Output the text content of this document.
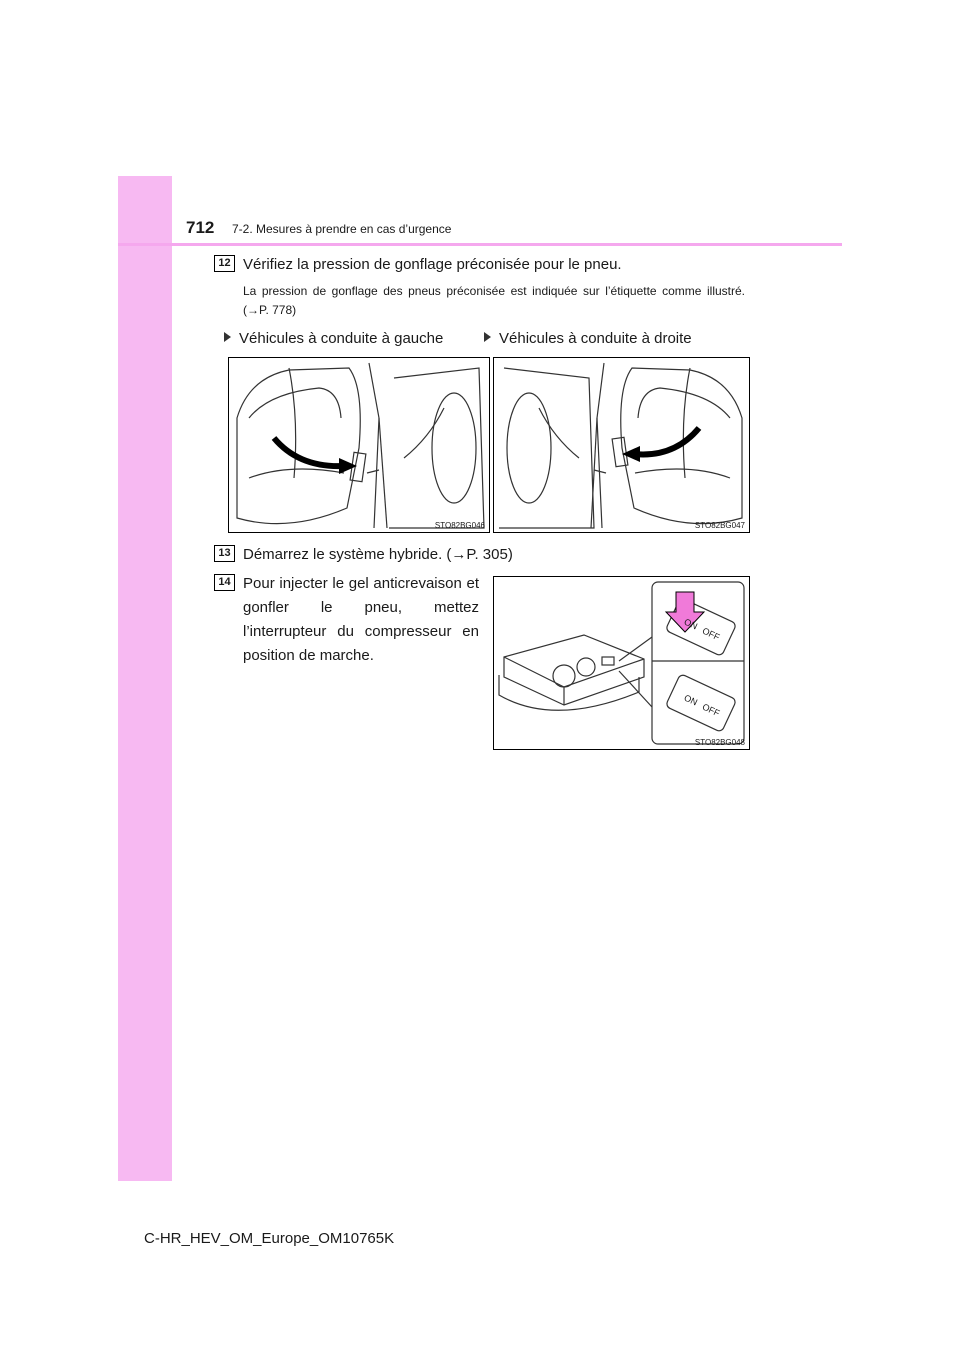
712 7-2. Mesures à prendre en cas d’urgence
12 Vérifiez la pression de gonflage préconisée pour le pneu.
La pression de gonflage des pneus préconisée est indiquée sur l’étiquette comme illustré. (→P. 778)
Véhicules à conduite à gauche	Véhicules à conduite à droite
STO82BG046	STO82BG047
13 Démarrez le système hybride. (→P. 305)
14 Pour injecter le gel anticrevaison et gonfler le pneu, mettez l’interrupteur du compresseur en position de marche.
STO82BG048
ON
OFF
ON
OFF
C-HR_HEV_OM_Europe_OM10765K
